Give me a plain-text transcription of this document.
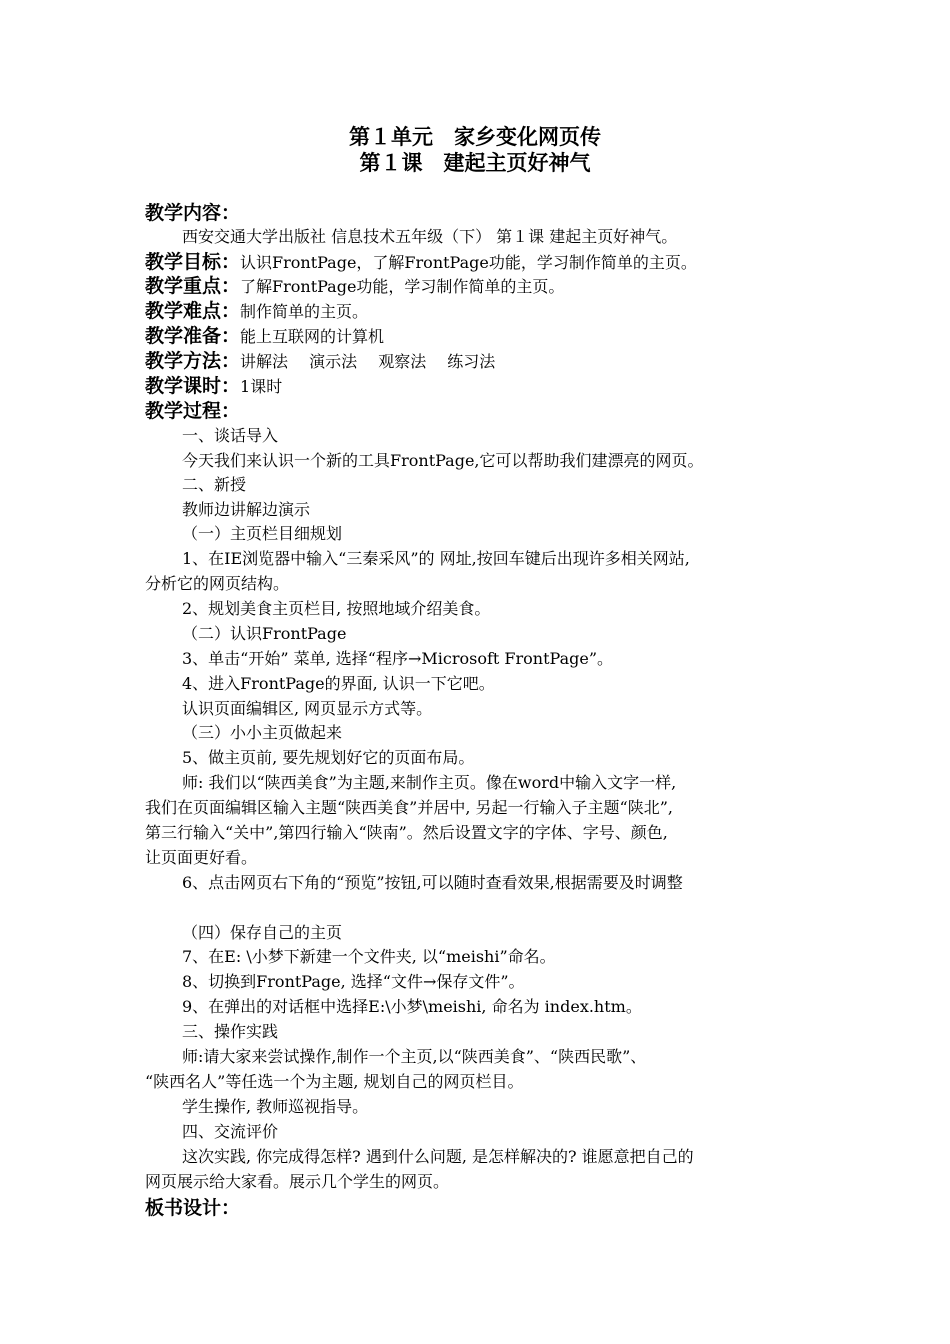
第１单元　家乡变化网页传
第１课　建起主页好神气
教学内容：
西安交通大学出版社 信息技术五年级（下） 第１课 建起主页好神气。
教学目标：认识FrontPage，了解FrontPage功能，学习制作简单的主页。
教学重点：了解FrontPage功能，学习制作简单的主页。
教学难点：制作简单的主页。
教学准备：能上互联网的计算机
教学方法：讲解法　 演示法　 观察法　 练习法
教学课时：1课时
教学过程：
一、谈话导入
今天我们来认识一个新的工具FrontPage,它可以帮助我们建漂亮的网页。
二、新授
教师边讲解边演示
（一）主页栏目细规划
1、在IE浏览器中输入“三秦采风”的 网址,按回车键后出现许多相关网站,
分析它的网页结构。
2、规划美食主页栏目, 按照地域介绍美食。
（二）认识FrontPage
3、单击“开始” 菜单, 选择“程序→Microsoft FrontPage”。
4、进入FrontPage的界面, 认识一下它吧。
认识页面编辑区, 网页显示方式等。
（三）小小主页做起来
5、做主页前, 要先规划好它的页面布局。
师: 我们以“陕西美食”为主题,来制作主页。像在word中输入文字一样,
我们在页面编辑区输入主题“陕西美食”并居中, 另起一行输入子主题“陕北”,
第三行输入“关中”,第四行输入“陕南”。然后设置文字的字体、字号、颜色,
让页面更好看。
6、点击网页右下角的“预览”按钮,可以随时查看效果,根据需要及时调整
（四）保存自己的主页
7、在E: \小梦下新建一个文件夹, 以“meishi”命名。
8、切换到FrontPage, 选择“文件→保存文件”。
9、在弹出的对话框中选择E:\小梦\meishi, 命名为 index.htm。
三、操作实践
师:请大家来尝试操作,制作一个主页,以“陕西美食”、“陕西民歌”、
“陕西名人”等任选一个为主题, 规划自己的网页栏目。
学生操作, 教师巡视指导。
四、交流评价
这次实践, 你完成得怎样? 遇到什么问题, 是怎样解决的? 谁愿意把自己的
网页展示给大家看。展示几个学生的网页。
板书设计：
